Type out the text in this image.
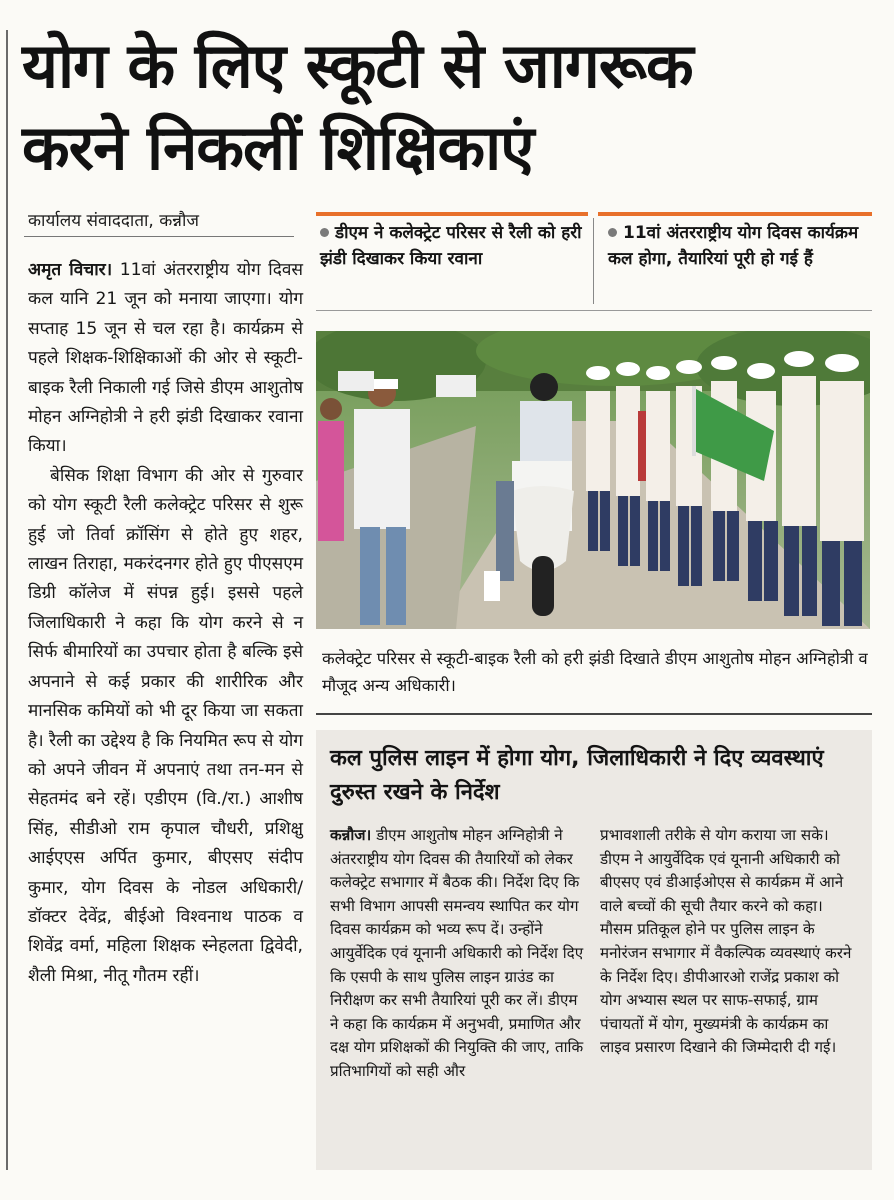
योग के लिए स्कूटी से जागरूक
करने निकलीं शिक्षिकाएं
कार्यालय संवाददाता, कन्नौज
डीएम ने कलेक्ट्रेट परिसर से रैली को हरी झंडी दिखाकर किया रवाना
11वां अंतरराष्ट्रीय योग दिवस कार्यक्रम कल होगा, तैयारियां पूरी हो गई हैं

अमृत विचार। 11वां अंतरराष्ट्रीय योग दिवस कल यानि 21 जून को मनाया जाएगा। योग सप्ताह 15 जून से चल रहा है। कार्यक्रम से पहले शिक्षक-शिक्षिकाओं की ओर से स्कूटी-बाइक रैली निकाली गई जिसे डीएम आशुतोष मोहन अग्निहोत्री ने हरी झंडी दिखाकर रवाना किया।

बेसिक शिक्षा विभाग की ओर से गुरुवार को योग स्कूटी रैली कलेक्ट्रेट परिसर से शुरू हुई जो तिर्वा क्रॉसिंग से होते हुए शहर, लाखन तिराहा, मकरंदनगर होते हुए पीएसएम डिग्री कॉलेज में संपन्न हुई। इससे पहले जिलाधिकारी ने कहा कि योग करने से न सिर्फ बीमारियों का उपचार होता है बल्कि इसे अपनाने से कई प्रकार की शारीरिक और मानसिक कमियों को भी दूर किया जा सकता है। रैली का उद्देश्य है कि नियमित रूप से योग को अपने जीवन में अपनाएं तथा तन-मन से सेहतमंद बने रहें। एडीएम (वि./रा.) आशीष सिंह, सीडीओ राम कृपाल चौधरी, प्रशिक्षु आईएएस अर्पित कुमार, बीएसए संदीप कुमार, योग दिवस के नोडल अधिकारी/ डॉक्टर देवेंद्र, बीईओ विश्वनाथ पाठक व शिवेंद्र वर्मा, महिला शिक्षक स्नेहलता द्विवेदी, शैली मिश्रा, नीतू गौतम रहीं।

कलेक्ट्रेट परिसर से स्कूटी-बाइक रैली को हरी झंडी दिखाते डीएम आशुतोष मोहन अग्निहोत्री व मौजूद अन्य अधिकारी।
कल पुलिस लाइन में होगा योग, जिलाधिकारी ने दिए व्यवस्थाएं दुरुस्त रखने के निर्देश

कन्नौज। डीएम आशुतोष मोहन अग्निहोत्री ने अंतरराष्ट्रीय योग दिवस की तैयारियों को लेकर कलेक्ट्रेट सभागार में बैठक की। निर्देश दिए कि सभी विभाग आपसी समन्वय स्थापित कर योग दिवस कार्यक्रम को भव्य रूप दें। उन्होंने आयुर्वेदिक एवं यूनानी अधिकारी को निर्देश दिए कि एसपी के साथ पुलिस लाइन ग्राउंड का निरीक्षण कर सभी तैयारियां पूरी कर लें। डीएम ने कहा कि कार्यक्रम में अनुभवी, प्रमाणित और दक्ष योग प्रशिक्षकों की नियुक्ति की जाए, ताकि प्रतिभागियों को सही और

प्रभावशाली तरीके से योग कराया जा सके। डीएम ने आयुर्वेदिक एवं यूनानी अधिकारी को बीएसए एवं डीआईओएस से कार्यक्रम में आने वाले बच्चों की सूची तैयार करने को कहा। मौसम प्रतिकूल होने पर पुलिस लाइन के मनोरंजन सभागार में वैकल्पिक व्यवस्थाएं करने के निर्देश दिए। डीपीआरओ राजेंद्र प्रकाश को योग अभ्यास स्थल पर साफ-सफाई, ग्राम पंचायतों में योग, मुख्यमंत्री के कार्यक्रम का लाइव प्रसारण दिखाने की जिम्मेदारी दी गई।
